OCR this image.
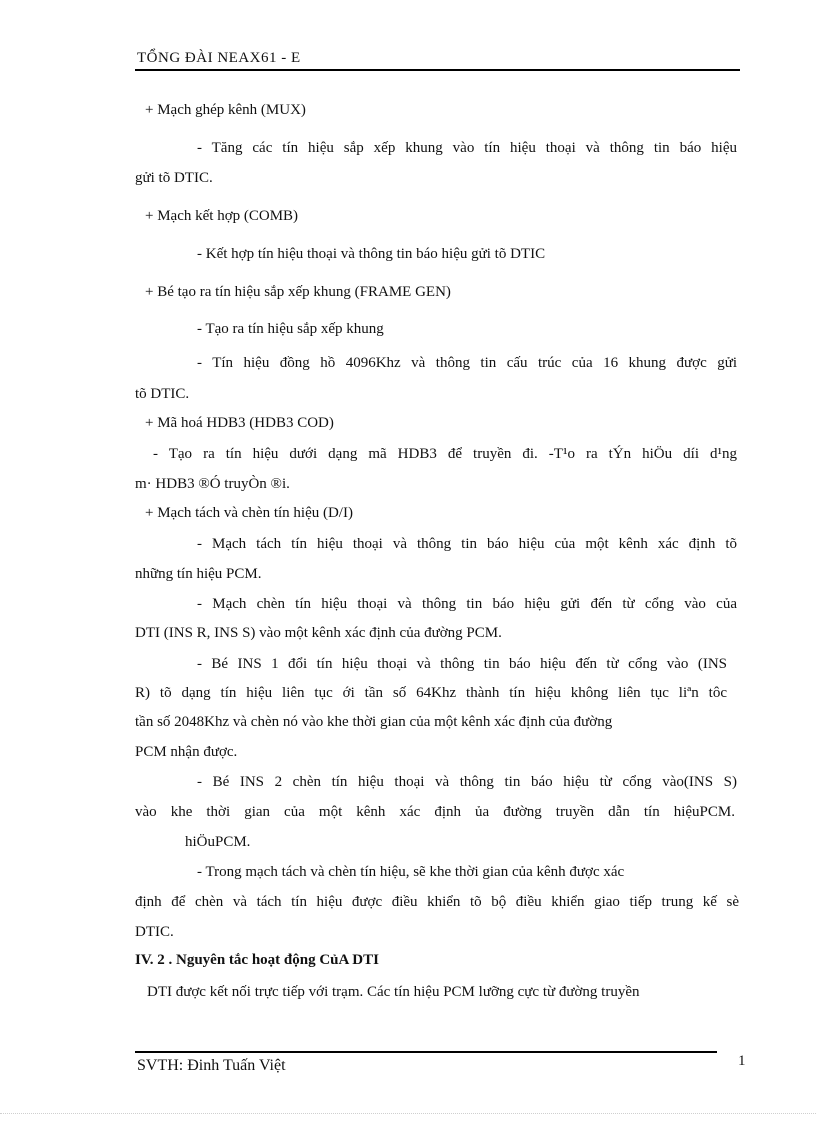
TỔNG ĐÀI NEAX61 - E
+ Mạch ghép kênh (MUX)
- Tăng các tín hiệu sắp xếp khung vào tín hiệu thoại và thông tin báo hiệu
gửi tõ DTIC.
+ Mạch kết hợp (COMB)
- Kết hợp tín hiệu thoại và thông tin báo hiệu gửi tõ DTIC
+ Bé tạo ra tín hiệu sắp xếp khung (FRAME GEN)
- Tạo ra tín hiệu sắp xếp khung
- Tín hiệu đồng hồ 4096Khz và thông tin cấu trúc của 16 khung được gửi
tõ DTIC.
+ Mã hoá HDB3 (HDB3 COD)
- Tạo ra tín hiệu dưới dạng mã HDB3 để truyền đi. -T¹o ra tÝn hiÖu díi d¹ng
m· HDB3 ®Ó truyÒn ®i.
+ Mạch tách và chèn tín hiệu (D/I)
- Mạch tách tín hiệu thoại và thông tin báo hiệu của một kênh xác định tõ
những tín hiệu PCM.
- Mạch chèn tín hiệu thoại và thông tin báo hiệu gửi đến từ cổng vào của
DTI (INS R, INS S) vào một kênh xác định của đường PCM.
- Bé INS 1 đổi tín hiệu thoại và thông tin báo hiệu đến từ cổng vào (INS
R) tõ dạng tín hiệu liên tục ới tần số 64Khz thành tín hiệu không liên tục liªn tôc
tần số 2048Khz và chèn nó vào khe thời gian của một kênh xác định của đường
PCM nhận được.
- Bé INS 2 chèn tín hiệu thoại và thông tin báo hiệu từ cổng vào(INS S)
vào khe thời gian của một kênh xác định ủa đường truyền dẫn tín hiệuPCM.
hiÖuPCM.
- Trong mạch tách và chèn tín hiệu, sẽ khe thời gian của kênh được xác
định để chèn và tách tín hiệu được điều khiển tõ bộ điều khiển giao tiếp trung kế sè
DTIC.
IV. 2 . Nguyên tắc hoạt động CủA DTI
DTI được kết nối trực tiếp với trạm. Các tín hiệu PCM lưỡng cực từ đường truyền
SVTH: Đinh Tuấn Việt	1
